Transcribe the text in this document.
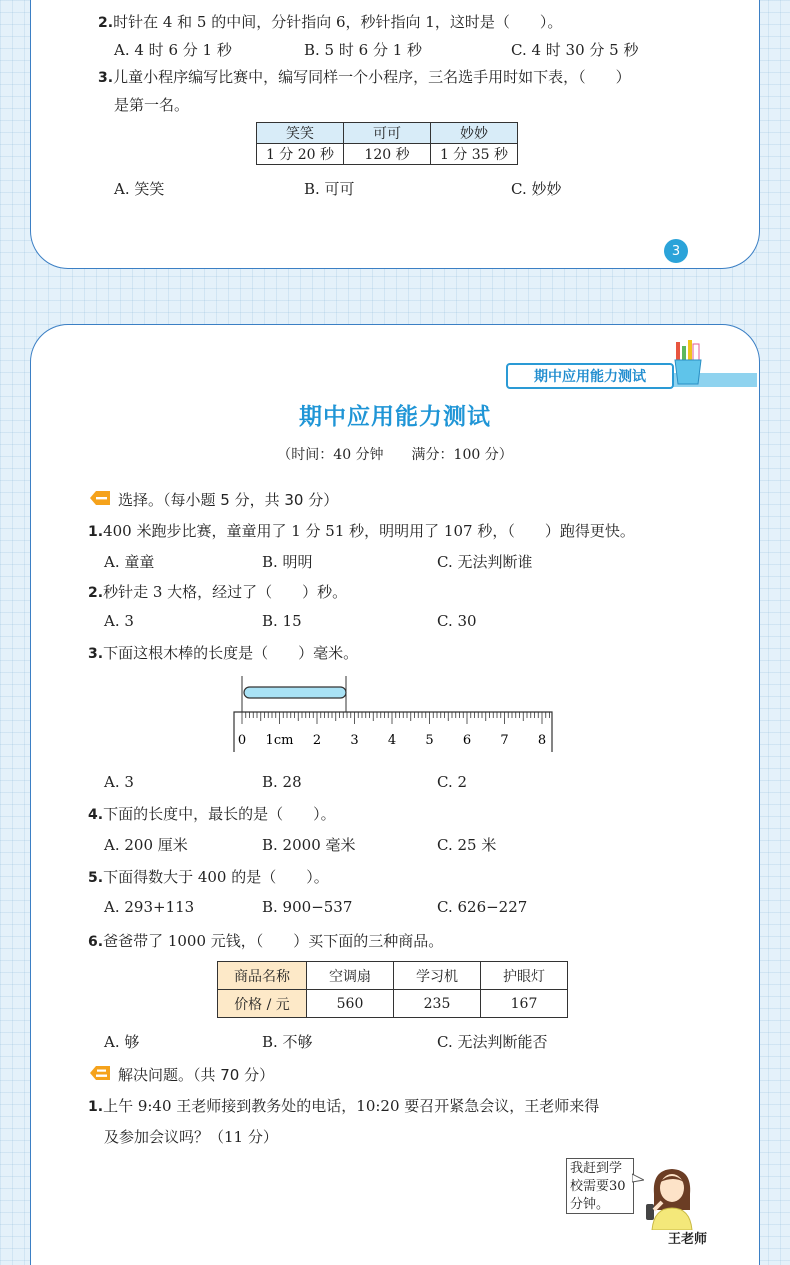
2.时针在 4 和 5 的中间，分针指向 6，秒针指向 1，这时是（　　）。
A. 4 时 6 分 1 秒	B. 5 时 6 分 1 秒	C. 4 时 30 分 5 秒
3.儿童小程序编写比赛中，编写同样一个小程序，三名选手用时如下表，（　　）
是第一名。
笑笑	可可	妙妙
1 分 20 秒	120 秒	1 分 35 秒
A. 笑笑	B. 可可	C. 妙妙
3
期中应用能力测试
期中应用能力测试
（时间：40 分钟　　满分：100 分）
选择。（每小题 5 分，共 30 分）
1.400 米跑步比赛，童童用了 1 分 51 秒，明明用了 107 秒，（　　）跑得更快。
A. 童童	B. 明明	C. 无法判断谁
2.秒针走 3 大格，经过了（　　）秒。
A. 3	B. 15	C. 30
3.下面这根木棒的长度是（　　）毫米。
0 1cm 2 3 4 5 6 7 8
A. 3	B. 28	C. 2
4.下面的长度中，最长的是（　　）。
A. 200 厘米	B. 2000 毫米	C. 25 米
5.下面得数大于 400 的是（　　）。
A. 293+113	B. 900−537	C. 626−227
6.爸爸带了 1000 元钱，（　　）买下面的三种商品。
商品名称	空调扇	学习机	护眼灯
价格 / 元	560	235	167
A. 够	B. 不够	C. 无法判断能否
解决问题。（共 70 分）
1.上午 9:40 王老师接到教务处的电话，10:20 要召开紧急会议，王老师来得
及参加会议吗？（11 分）
我赶到学校需要30分钟。
王老师
